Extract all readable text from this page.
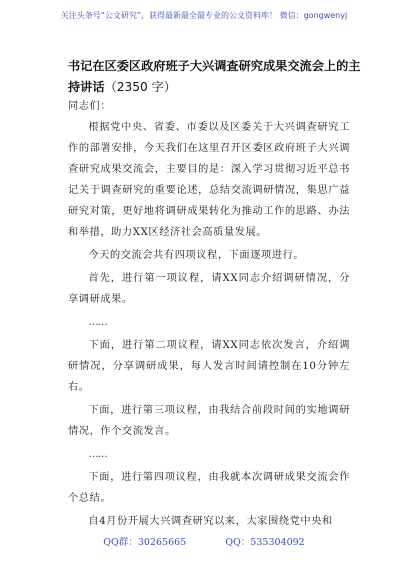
关注头条号“公文研究”，获得最新最全最专业的公文资料库！ 微信：gongwenyj
书记在区委区政府班子大兴调查研究成果交流会上的主持讲话（2350 字）

同志们：

根据党中央、省委、市委以及区委关于大兴调查研究工作的部署安排，今天我们在这里召开区委区政府班子大兴调查研究成果交流会，主要目的是：深入学习贯彻习近平总书记关于调查研究的重要论述，总结交流调研情况，集思广益研究对策，更好地将调研成果转化为推动工作的思路、办法和举措，助力XX区经济社会高质量发展。

今天的交流会共有四项议程，下面逐项进行。

首先，进行第一项议程，请XX同志介绍调研情况，分享调研成果。

……

下面，进行第二项议程，请XX同志依次发言，介绍调研情况，分享调研成果，每人发言时间请控制在10分钟左右。

下面，进行第三项议程，由我结合前段时间的实地调研情况，作个交流发言。

……

下面，进行第四项议程，由我就本次调研成果交流会作个总结。

自4月份开展大兴调查研究以来，大家围绕党中央和

QQ群：30265665	QQ：535304092
